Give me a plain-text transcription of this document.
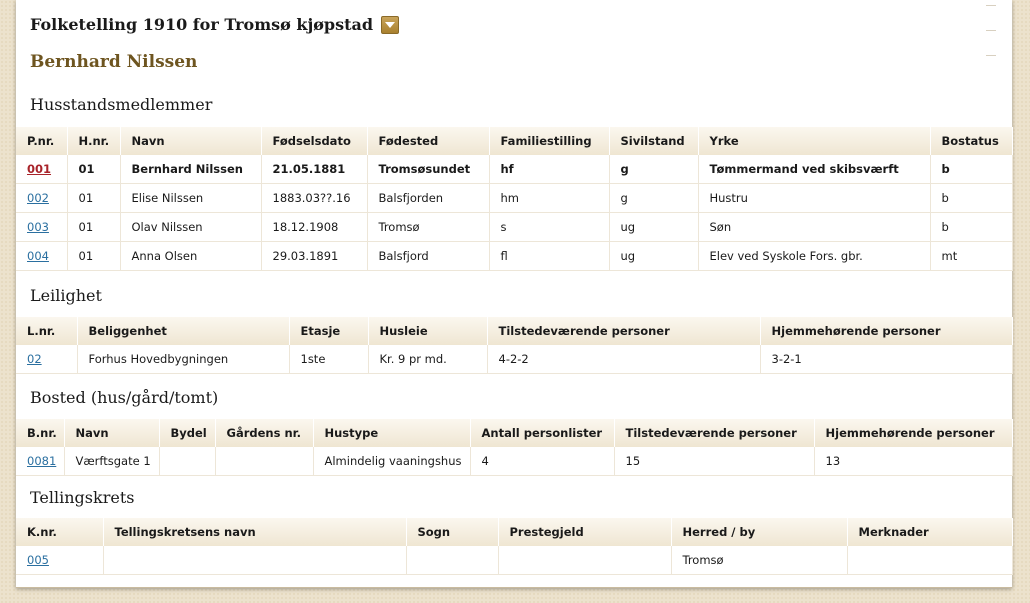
Folketelling 1910 for Tromsø kjøpstad
Bernhard Nilssen
Husstandsmedlemmer
P.nr.	H.nr.	Navn	Fødselsdato	Fødested	Familiestilling	Sivilstand	Yrke	Bostatus
001	01	Bernhard Nilssen	21.05.1881	Tromsøsundet	hf	g	Tømmermand ved skibsværft	b
002	01	Elise Nilssen	1883.03??.16	Balsfjorden	hm	g	Hustru	b
003	01	Olav Nilssen	18.12.1908	Tromsø	s	ug	Søn	b
004	01	Anna Olsen	29.03.1891	Balsfjord	fl	ug	Elev ved Syskole Fors. gbr.	mt
Leilighet
L.nr.	Beliggenhet	Etasje	Husleie	Tilstedeværende personer	Hjemmehørende personer
02	Forhus Hovedbygningen	1ste	Kr. 9 pr md.	4-2-2	3-2-1
Bosted (hus/gård/tomt)
B.nr.	Navn	Bydel	Gårdens nr.	Hustype	Antall personlister	Tilstedeværende personer	Hjemmehørende personer
0081	Værftsgate 1			Almindelig vaaningshus	4	15	13
Tellingskrets
K.nr.	Tellingskretsens navn	Sogn	Prestegjeld	Herred / by	Merknader
005				Tromsø	
